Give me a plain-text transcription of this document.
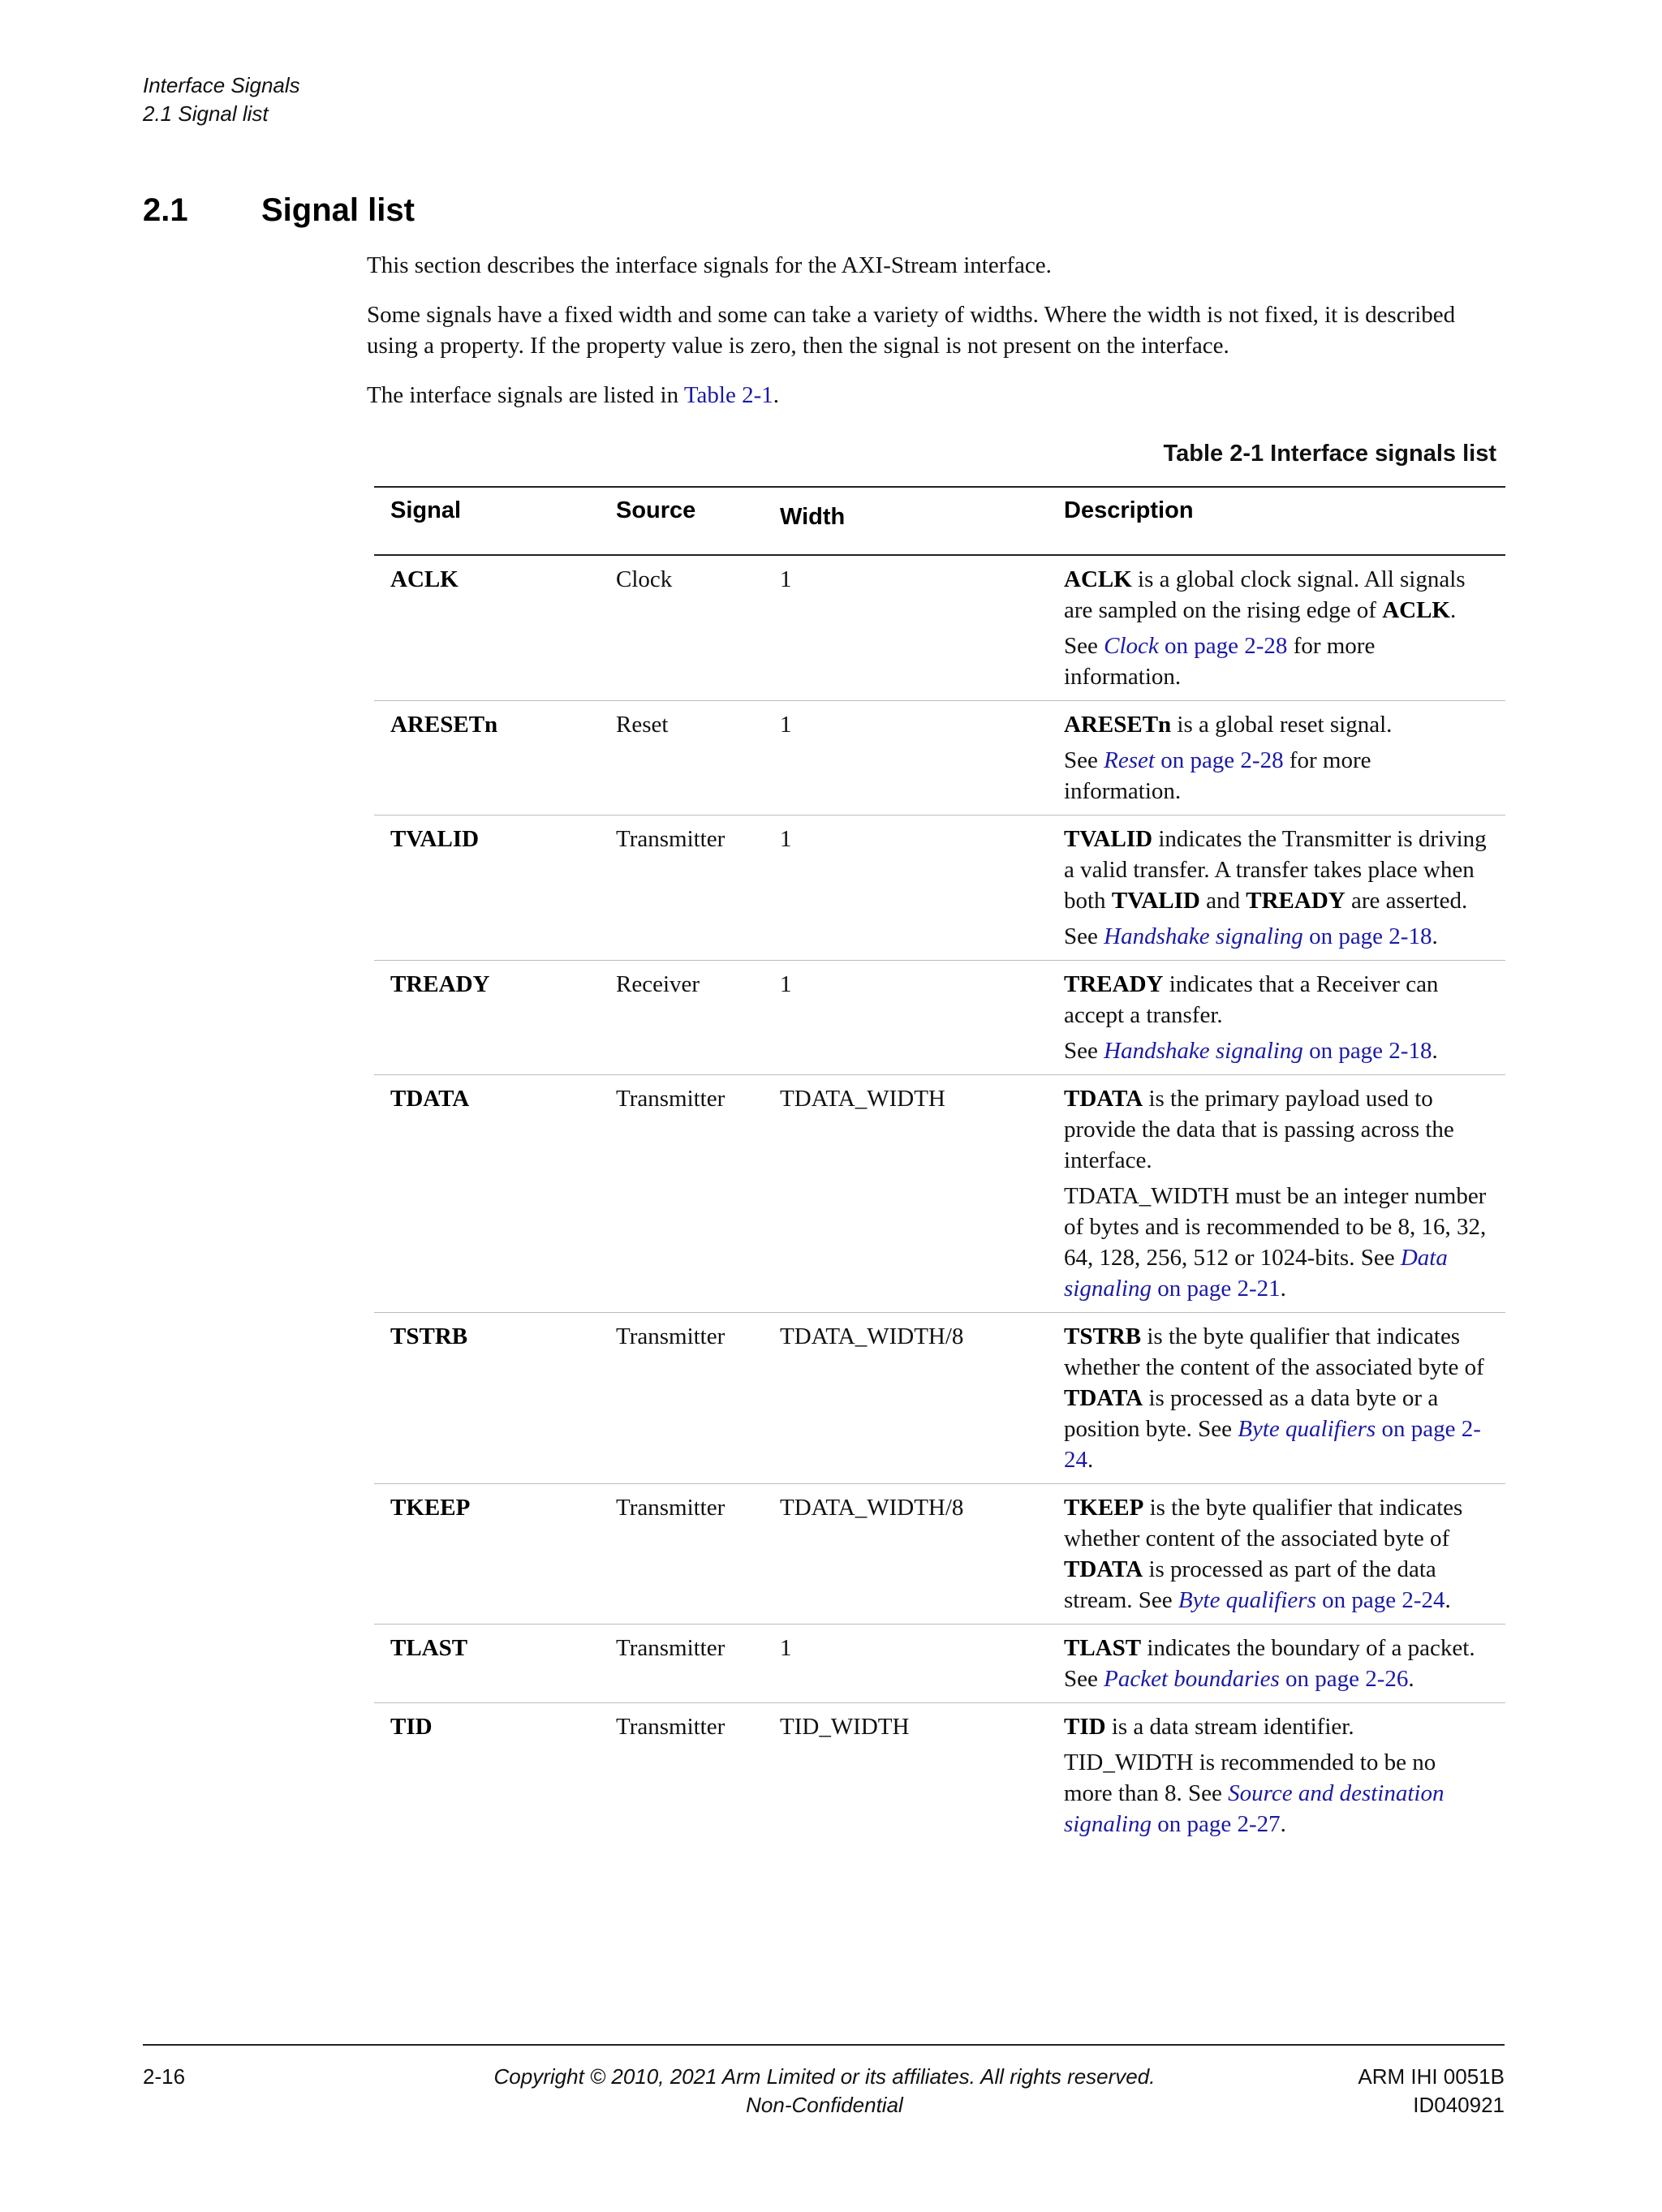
Interface Signals
2.1 Signal list
2.1 Signal list

This section describes the interface signals for the AXI-Stream interface.

Some signals have a fixed width and some can take a variety of widths. Where the width is not fixed, it is described using a property. If the property value is zero, then the signal is not present on the interface.

The interface signals are listed in Table 2-1.

Table 2-1 Interface signals list
Signal	Source	Width	Description
ACLK	Clock	1	ACLK is a global clock signal. All signals are sampled on the rising edge of ACLK.

See Clock on page 2-28 for more information.

ARESETn	Reset	1	ARESETn is a global reset signal.

See Reset on page 2-28 for more information.

TVALID	Transmitter	1	TVALID indicates the Transmitter is driving a valid transfer. A transfer takes place when both TVALID and TREADY are asserted.

See Handshake signaling on page 2-18.

TREADY	Receiver	1	TREADY indicates that a Receiver can accept a transfer.

See Handshake signaling on page 2-18.

TDATA	Transmitter	TDATA_WIDTH	TDATA is the primary payload used to provide the data that is passing across the interface.

TDATA_WIDTH must be an integer number of bytes and is recommended to be 8, 16, 32, 64, 128, 256, 512 or 1024-bits. See Data signaling on page 2-21.

TSTRB	Transmitter	TDATA_WIDTH/8	TSTRB is the byte qualifier that indicates whether the content of the associated byte of TDATA is processed as a data byte or a position byte. See Byte qualifiers on page 2-24.

TKEEP	Transmitter	TDATA_WIDTH/8	TKEEP is the byte qualifier that indicates whether content of the associated byte of TDATA is processed as part of the data stream. See Byte qualifiers on page 2-24.

TLAST	Transmitter	1	TLAST indicates the boundary of a packet. See Packet boundaries on page 2-26.

TID	Transmitter	TID_WIDTH	TID is a data stream identifier.

TID_WIDTH is recommended to be no more than 8. See Source and destination signaling on page 2-27.

2-16	Copyright © 2010, 2021 Arm Limited or its affiliates. All rights reserved.
Non-Confidential
ARM IHI 0051B
ID040921
